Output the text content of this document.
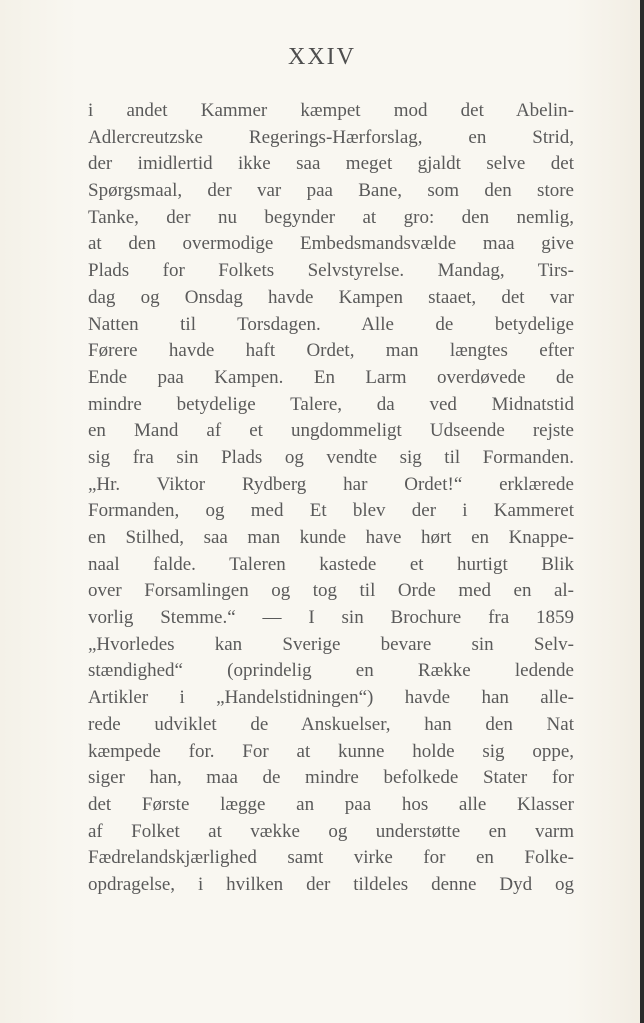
XXIV
i andet Kammer kæmpet mod det Abelin-
Adlercreutzske Regerings-Hærforslag, en Strid,
der imidlertid ikke saa meget gjaldt selve det
Spørgsmaal, der var paa Bane, som den store
Tanke, der nu begynder at gro: den nemlig,
at den overmodige Embedsmandsvælde maa give
Plads for Folkets Selvstyrelse. Mandag, Tirs-
dag og Onsdag havde Kampen staaet, det var
Natten til Torsdagen. Alle de betydelige
Førere havde haft Ordet, man længtes efter
Ende paa Kampen. En Larm overdøvede de
mindre betydelige Talere, da ved Midnatstid
en Mand af et ungdommeligt Udseende rejste
sig fra sin Plads og vendte sig til Formanden.
„Hr. Viktor Rydberg har Ordet!“ erklærede
Formanden, og med Et blev der i Kammeret
en Stilhed, saa man kunde have hørt en Knappe-
naal falde. Taleren kastede et hurtigt Blik
over Forsamlingen og tog til Orde med en al-
vorlig Stemme.“ — I sin Brochure fra 1859
„Hvorledes kan Sverige bevare sin Selv-
stændighed“ (oprindelig en Række ledende
Artikler i „Handelstidningen“) havde han alle-
rede udviklet de Anskuelser, han den Nat
kæmpede for. For at kunne holde sig oppe,
siger han, maa de mindre befolkede Stater for
det Første lægge an paa hos alle Klasser
af Folket at vække og understøtte en varm
Fædrelandskjærlighed samt virke for en Folke-
opdragelse, i hvilken der tildeles denne Dyd og
